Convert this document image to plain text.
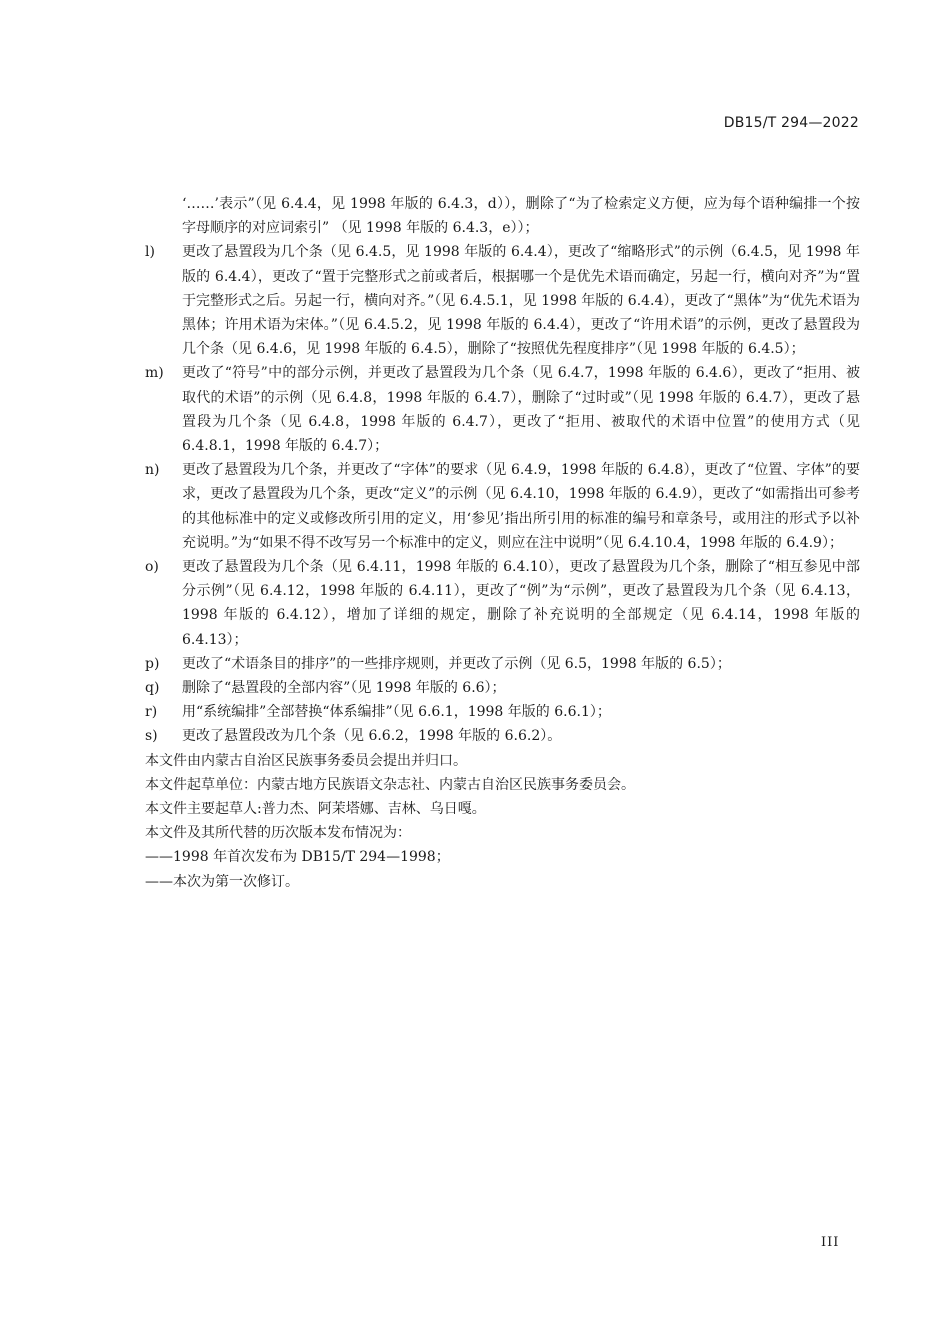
DB15/T 294—2022
‘……’表示”（见 6.4.4，见 1998 年版的 6.4.3，d）），删除了“为了检索定义方便，应为每个语种编排一个按字母顺序的对应词索引” （见 1998 年版的 6.4.3，e））；
l) 更改了悬置段为几个条（见 6.4.5，见 1998 年版的 6.4.4），更改了“缩略形式”的示例（6.4.5，见 1998 年版的 6.4.4），更改了“置于完整形式之前或者后，根据哪一个是优先术语而确定，另起一行，横向对齐”为“置于完整形式之后。另起一行，横向对齐。”（见 6.4.5.1，见 1998 年版的 6.4.4），更改了“黑体”为“优先术语为黑体；许用术语为宋体。”（见 6.4.5.2，见 1998 年版的 6.4.4），更改了“许用术语”的示例，更改了悬置段为几个条（见 6.4.6，见 1998 年版的 6.4.5），删除了“按照优先程度排序”（见 1998 年版的 6.4.5）；
m) 更改了“符号”中的部分示例，并更改了悬置段为几个条（见 6.4.7，1998 年版的 6.4.6），更改了“拒用、被取代的术语”的示例（见 6.4.8，1998 年版的 6.4.7），删除了“过时或”（见 1998 年版的 6.4.7），更改了悬置段为几个条（见 6.4.8，1998 年版的 6.4.7），更改了“拒用、被取代的术语中位置”的使用方式（见 6.4.8.1，1998 年版的 6.4.7）；
n) 更改了悬置段为几个条，并更改了“字体”的要求（见 6.4.9，1998 年版的 6.4.8），更改了“位置、字体”的要求，更改了悬置段为几个条，更改“定义”的示例（见 6.4.10，1998 年版的 6.4.9），更改了“如需指出可参考的其他标准中的定义或修改所引用的定义，用‘参见’指出所引用的标准的编号和章条号，或用注的形式予以补充说明。”为“如果不得不改写另一个标准中的定义，则应在注中说明”（见 6.4.10.4，1998 年版的 6.4.9）；
o) 更改了悬置段为几个条（见 6.4.11，1998 年版的 6.4.10），更改了悬置段为几个条，删除了“相互参见中部分示例”（见 6.4.12，1998 年版的 6.4.11），更改了“例”为“示例”，更改了悬置段为几个条（见 6.4.13，1998 年版的 6.4.12），增加了详细的规定，删除了补充说明的全部规定（见 6.4.14，1998 年版的 6.4.13）；
p) 更改了“术语条目的排序”的一些排序规则，并更改了示例（见 6.5，1998 年版的 6.5）；
q) 删除了“悬置段的全部内容”（见 1998 年版的 6.6）；
r) 用“系统编排”全部替换“体系编排”（见 6.6.1，1998 年版的 6.6.1）；
s) 更改了悬置段改为几个条（见 6.6.2，1998 年版的 6.6.2）。

本文件由内蒙古自治区民族事务委员会提出并归口。

本文件起草单位：内蒙古地方民族语文杂志社、内蒙古自治区民族事务委员会。

本文件主要起草人:普力杰、阿茉塔娜、吉林、乌日嘎。

本文件及其所代替的历次版本发布情况为：

——1998 年首次发布为 DB15/T 294—1998；

——本次为第一次修订。

III
